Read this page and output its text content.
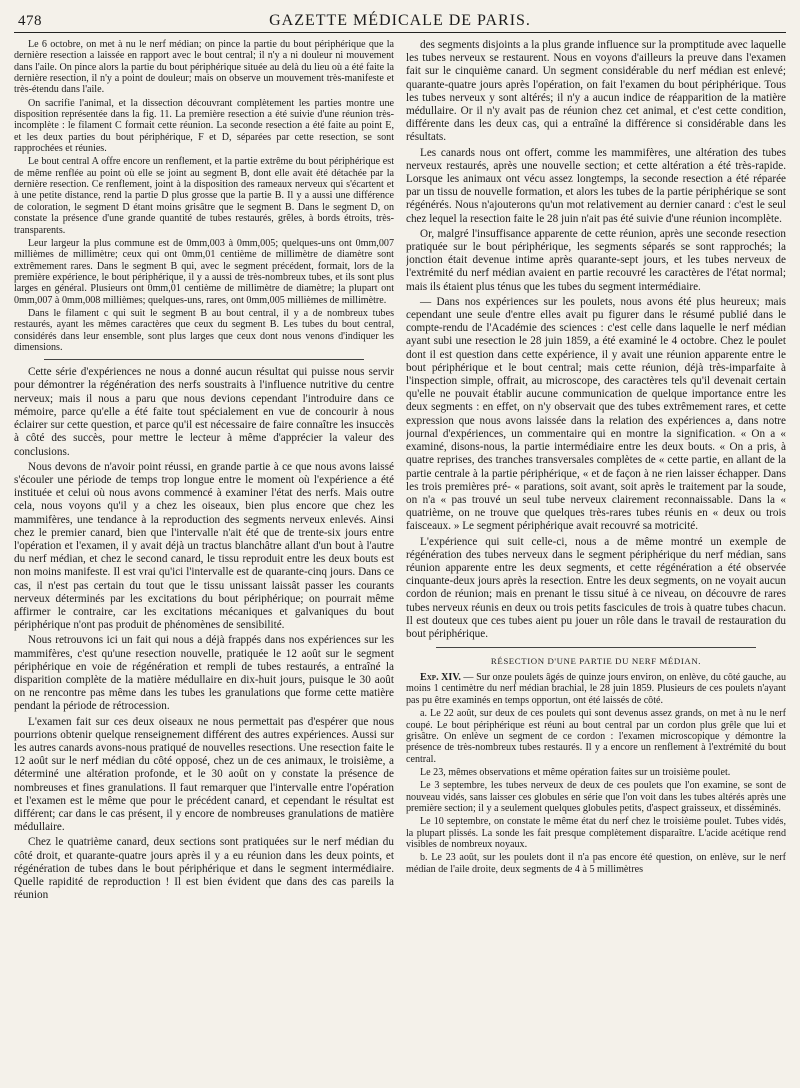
478	GAZETTE MÉDICALE DE PARIS.

Le 6 octobre, on met à nu le nerf médian; on pince la partie du bout périphérique que la dernière resection a laissée en rapport avec le bout central; il n'y a ni douleur ni mouvement dans l'aile. On pince alors la partie du bout périphérique située au delà du lieu où a été faite la dernière resection, il n'y a point de douleur; mais on observe un mouvement très-manifeste et très-étendu dans l'aile.

On sacrifie l'animal, et la dissection découvrant complètement les parties montre une disposition représentée dans la fig. 11. La première resection a été suivie d'une réunion très-incomplète : le filament C formait cette réunion. La seconde resection a été faite au point E, et les deux parties du bout périphérique, F et D, séparées par cette resection, se sont rapprochées et réunies.

Le bout central A offre encore un renflement, et la partie extrême du bout périphérique est de même renflée au point où elle se joint au segment B, dont elle avait été détachée par la dernière resection. Ce renflement, joint à la disposition des rameaux nerveux qui s'écartent et à une petite distance, rend la partie D plus grosse que la partie B. Il y a aussi une différence de coloration, le segment D étant moins grisâtre que le segment B. Dans le segment D, on constate la présence d'une grande quantité de tubes restaurés, grêles, à bords étroits, très-transparents.

Leur largeur la plus commune est de 0mm,003 à 0mm,005; quelques-uns ont 0mm,007 millièmes de millimètre; ceux qui ont 0mm,01 centième de millimètre de diamètre sont extrêmement rares. Dans le segment B qui, avec le segment précédent, formait, lors de la première expérience, le bout périphérique, il y a aussi de très-nombreux tubes, et ils sont plus larges en général. Plusieurs ont 0mm,01 centième de millimètre de diamètre; la plupart ont 0mm,007 à 0mm,008 millièmes; quelques-uns, rares, ont 0mm,005 millièmes de millimètre.

Dans le filament c qui suit le segment B au bout central, il y a de nombreux tubes restaurés, ayant les mêmes caractères que ceux du segment B. Les tubes du bout central, considérés dans leur ensemble, sont plus larges que ceux dont nous venons d'indiquer les dimensions.

Cette série d'expériences ne nous a donné aucun résultat qui puisse nous servir pour démontrer la régénération des nerfs soustraits à l'influence nutritive du centre nerveux; mais il nous a paru que nous devions cependant l'introduire dans ce mémoire, parce qu'elle a été faite tout spécialement en vue de concourir à nous éclairer sur cette question, et parce qu'il est nécessaire de faire connaître les insuccès à côté des succès, pour mettre le lecteur à même d'apprécier la valeur des conclusions.

Nous devons de n'avoir point réussi, en grande partie à ce que nous avons laissé s'écouler une période de temps trop longue entre le moment où l'expérience a été instituée et celui où nous avons commencé à examiner l'état des nerfs. Mais outre cela, nous voyons qu'il y a chez les oiseaux, bien plus encore que chez les mammifères, une tendance à la reproduction des segments nerveux enlevés. Ainsi chez le premier canard, bien que l'intervalle n'ait été que de trente-six jours entre l'opération et l'examen, il y avait déjà un tractus blanchâtre allant d'un bout à l'autre du nerf médian, et chez le second canard, le tissu reproduit entre les deux bouts est non moins manifeste. Il est vrai qu'ici l'intervalle est de quarante-cinq jours. Dans ce cas, il n'est pas certain du tout que le tissu unissant laissât passer les courants nerveux déterminés par les excitations du bout périphérique; on pourrait même affirmer le contraire, car les excitations mécaniques et galvaniques du bout périphérique n'ont pas produit de phénomènes de sensibilité.

Nous retrouvons ici un fait qui nous a déjà frappés dans nos expériences sur les mammifères, c'est qu'une resection nouvelle, pratiquée le 12 août sur le segment périphérique en voie de régénération et rempli de tubes restaurés, a entraîné la disparition complète de la matière médullaire en dix-huit jours, puisque le 30 août on ne rencontre pas même dans les tubes les granulations que forme cette matière pendant la période de rétrocession.

L'examen fait sur ces deux oiseaux ne nous permettait pas d'espérer que nous pourrions obtenir quelque renseignement différent des autres expériences. Aussi sur les autres canards avons-nous pratiqué de nouvelles resections. Une resection faite le 12 août sur le nerf médian du côté opposé, chez un de ces animaux, le troisième, a déterminé une altération profonde, et le 30 août on y constate la présence de nombreuses et fines granulations. Il faut remarquer que l'intervalle entre l'opération et l'examen est le même que pour le précédent canard, et cependant le résultat est différent; car dans le cas présent, il y encore de nombreuses granulations de matière médullaire.

Chez le quatrième canard, deux sections sont pratiquées sur le nerf médian du côté droit, et quarante-quatre jours après il y a eu réunion dans les deux points, et régénération de tubes dans le bout périphérique et dans le segment intermédiaire. Quelle rapidité de reproduction ! Il est bien évident que dans des cas pareils la réunion

des segments disjoints a la plus grande influence sur la promptitude avec laquelle les tubes nerveux se restaurent. Nous en voyons d'ailleurs la preuve dans l'examen fait sur le cinquième canard. Un segment considérable du nerf médian est enlevé; quarante-quatre jours après l'opération, on fait l'examen du bout périphérique. Tous les tubes nerveux y sont altérés; il n'y a aucun indice de réapparition de la matière médullaire. Or il n'y avait pas de réunion chez cet animal, et c'est cette condition, différente dans les deux cas, qui a entraîné la différence si considérable dans les résultats.

Les canards nous ont offert, comme les mammifères, une altération des tubes nerveux restaurés, après une nouvelle section; et cette altération a été très-rapide. Lorsque les animaux ont vécu assez longtemps, la seconde resection a été réparée par un tissu de nouvelle formation, et alors les tubes de la partie périphérique se sont régénérés. Nous n'ajouterons qu'un mot relativement au dernier canard : c'est le seul chez lequel la resection faite le 28 juin n'ait pas été suivie d'une réunion incomplète.

Or, malgré l'insuffisance apparente de cette réunion, après une seconde resection pratiquée sur le bout périphérique, les segments séparés se sont rapprochés; la jonction était devenue intime après quarante-sept jours, et les tubes nerveux de l'extrémité du nerf médian avaient en partie recouvré les caractères de l'état normal; mais ils étaient plus ténus que les tubes du segment intermédiaire.

— Dans nos expériences sur les poulets, nous avons été plus heureux; mais cependant une seule d'entre elles avait pu figurer dans le résumé publié dans le compte-rendu de l'Académie des sciences : c'est celle dans laquelle le nerf médian ayant subi une resection le 28 juin 1859, a été examiné le 4 octobre. Chez le poulet dont il est question dans cette expérience, il y avait une réunion apparente entre le bout périphérique et le bout central; mais cette réunion, déjà très-imparfaite à l'inspection simple, offrait, au microscope, des caractères tels qu'il devenait certain qu'elle ne pouvait établir aucune communication de quelque importance entre les deux segments : en effet, on n'y observait que des tubes extrêmement rares, et cette expression que nous avons laissée dans la relation des expériences a, dans notre journal d'expériences, un commentaire qui en montre la signification. « On a « examiné, disons-nous, la partie intermédiaire entre les deux bouts. « On a pris, à quatre reprises, des tranches transversales complètes de « cette partie, en allant de la partie centrale à la partie périphérique, « et de façon à ne rien laisser échapper. Dans les trois premières pré- « parations, soit avant, soit après le traitement par la soude, on n'a « pas trouvé un seul tube nerveux clairement reconnaissable. Dans la « quatrième, on ne trouve que quelques très-rares tubes réunis en « deux ou trois faisceaux. » Le segment périphérique avait recouvré sa motricité.

L'expérience qui suit celle-ci, nous a de même montré un exemple de régénération des tubes nerveux dans le segment périphérique du nerf médian, sans réunion apparente entre les deux segments, et cette régénération a été observée cinquante-deux jours après la resection. Entre les deux segments, on ne voyait aucun cordon de réunion; mais en prenant le tissu situé à ce niveau, on découvre de rares tubes nerveux réunis en deux ou trois petits fascicules de trois à quatre tubes chacun. Il est douteux que ces tubes aient pu jouer un rôle dans le travail de restauration du bout périphérique.

RÉSECTION D'UNE PARTIE DU NERF MÉDIAN.

Exp. XIV. — Sur onze poulets âgés de quinze jours environ, on enlève, du côté gauche, au moins 1 centimètre du nerf médian brachial, le 28 juin 1859. Plusieurs de ces poulets n'ayant pas pu être examinés en temps opportun, ont été laissés de côté.

a. Le 22 août, sur deux de ces poulets qui sont devenus assez grands, on met à nu le nerf coupé. Le bout périphérique est réuni au bout central par un cordon plus grêle que lui et grisâtre. On enlève un segment de ce cordon : l'examen microscopique y démontre la présence de très-nombreux tubes restaurés. Il y a encore un renflement à l'extrémité du bout central.

Le 23, mêmes observations et même opération faites sur un troisième poulet.

Le 3 septembre, les tubes nerveux de deux de ces poulets que l'on examine, se sont de nouveau vidés, sans laisser ces globules en série que l'on voit dans les tubes altérés après une première section; il y a seulement quelques globules petits, d'aspect graisseux, et disséminés.

Le 10 septembre, on constate le même état du nerf chez le troisième poulet. Tubes vidés, la plupart plissés. La sonde les fait presque complètement disparaître. L'acide acétique rend visibles de nombreux noyaux.

b. Le 23 août, sur les poulets dont il n'a pas encore été question, on enlève, sur le nerf médian de l'aile droite, deux segments de 4 à 5 millimètres
